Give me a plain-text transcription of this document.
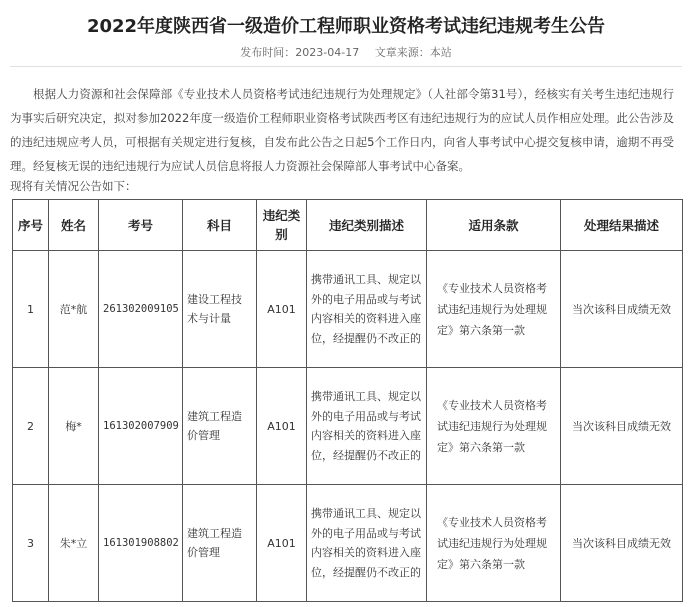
2022年度陕西省一级造价工程师职业资格考试违纪违规考生公告
发布时间：2023-04-17 文章来源：本站
根据人力资源和社会保障部《专业技术人员资格考试违纪违规行为处理规定》（人社部令第31号），经核实有关考生违纪违规行为事实后研究决定，拟对参加2022年度一级造价工程师职业资格考试陕西考区有违纪违规行为的应试人员作相应处理。此公告涉及的违纪违规应考人员，可根据有关规定进行复核，自发布此公告之日起5个工作日内，向省人事考试中心提交复核申请，逾期不再受理。经复核无误的违纪违规行为应试人员信息将报人力资源社会保障部人事考试中心备案。
现将有关情况公告如下：
序号	姓名	考号	科目	违纪类别	违纪类别描述	适用条款	处理结果描述
1	范*航	261302009105	建设工程技术与计量	A101	携带通讯工具、规定以外的电子用品或与考试内容相关的资料进入座位，经提醒仍不改正的	《专业技术人员资格考试违纪违规行为处理规定》第六条第一款	当次该科目成绩无效
2	梅*	161302007909	建筑工程造价管理	A101	携带通讯工具、规定以外的电子用品或与考试内容相关的资料进入座位，经提醒仍不改正的	《专业技术人员资格考试违纪违规行为处理规定》第六条第一款	当次该科目成绩无效
3	朱*立	161301908802	建筑工程造价管理	A101	携带通讯工具、规定以外的电子用品或与考试内容相关的资料进入座位，经提醒仍不改正的	《专业技术人员资格考试违纪违规行为处理规定》第六条第一款	当次该科目成绩无效
